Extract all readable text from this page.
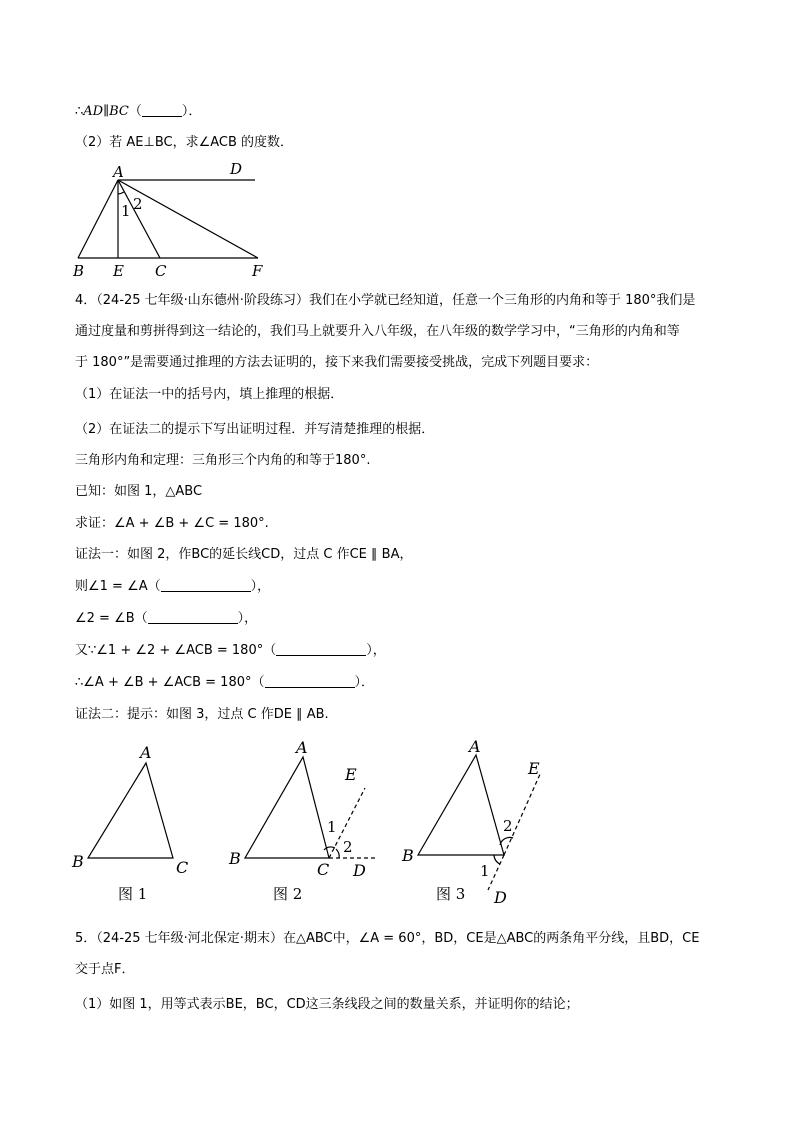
∴AD∥BC（	）．
（2）若 AE⊥BC，求∠ACB 的度数．
A	D
1 2
B E C	F
4．（24-25 七年级·山东德州·阶段练习）我们在小学就已经知道，任意一个三角形的内角和等于 180°我们是
通过度量和剪拼得到这一结论的，我们马上就要升入八年级，在八年级的数学学习中，“三角形的内角和等
于 180°”是需要通过推理的方法去证明的，接下来我们需要接受挑战，完成下列题目要求：
（1）在证法一中的括号内，填上推理的根据．
（2）在证法二的提示下写出证明过程．并写清楚推理的根据．
三角形内角和定理：三角形三个内角的和等于180°.
已知：如图 1，△ABC
求证：∠A + ∠B + ∠C = 180°.
证法一：如图 2，作BC的延长线CD，过点 C 作CE ∥ BA，
则∠1 = ∠A（	），
∠2 = ∠B（	），
又∵∠1 + ∠2 + ∠ACB = 180°（	），
∴∠A + ∠B + ∠ACB = 180°（	）．
证法二：提示：如图 3，过点 C 作DE ∥ AB.
A
B	C
图 1
A
E
1
2
B
C D
图 2
A
E
2
B
1
D
图 3
5．（24-25 七年级·河北保定·期末）在△ABC中，∠A = 60°，BD，CE是△ABC的两条角平分线，且BD，CE
交于点F．
（1）如图 1，用等式表示BE，BC，CD这三条线段之间的数量关系，并证明你的结论；
